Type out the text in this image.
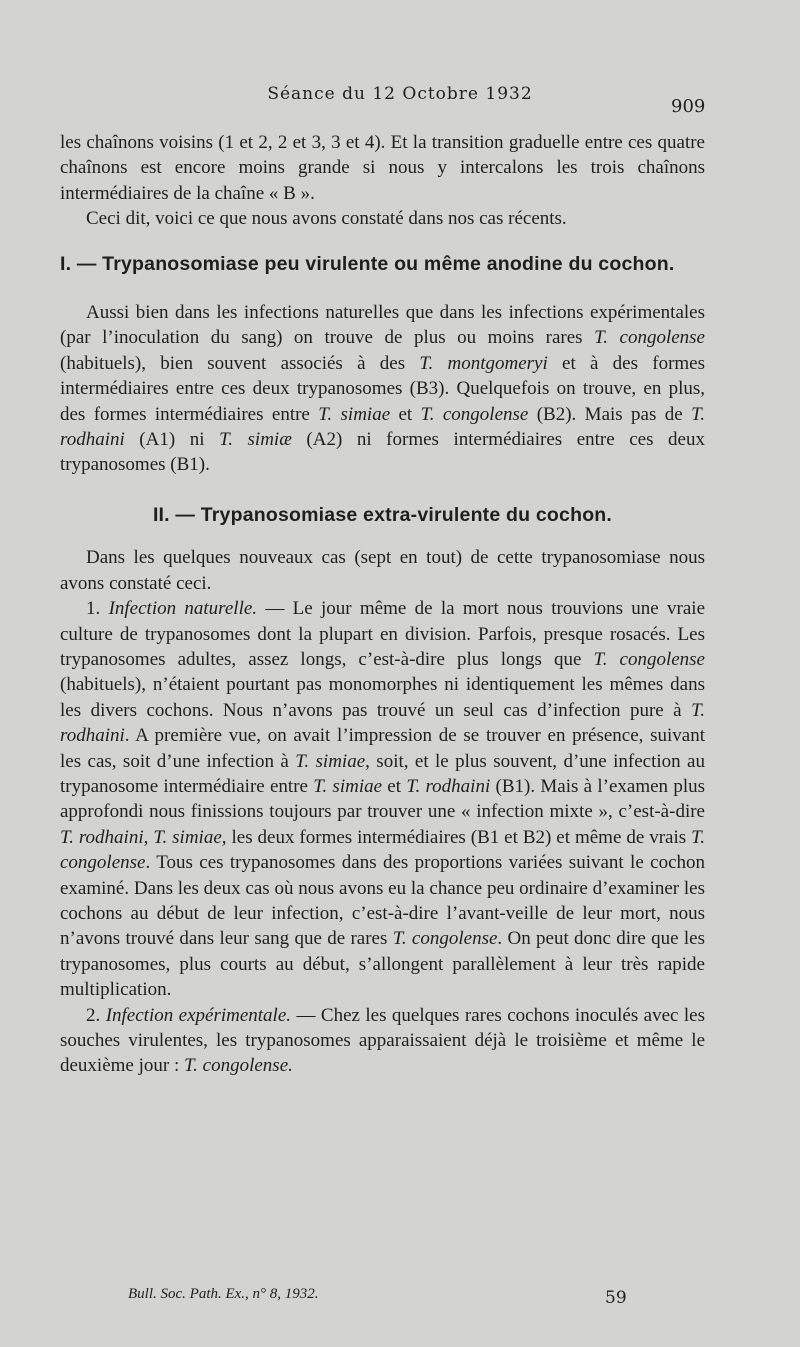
Séance du 12 Octobre 1932
909

les chaînons voisins (1 et 2, 2 et 3, 3 et 4). Et la transition graduelle entre ces quatre chaînons est encore moins grande si nous y intercalons les trois chaînons intermédiaires de la chaîne « B ».

Ceci dit, voici ce que nous avons constaté dans nos cas récents.

I. — Trypanosomiase peu virulente ou même anodine du cochon.

Aussi bien dans les infections naturelles que dans les infections expérimentales (par l’inoculation du sang) on trouve de plus ou moins rares T. congolense (habituels), bien souvent associés à des T. montgomeryi et à des formes intermédiaires entre ces deux trypanosomes (B3). Quelquefois on trouve, en plus, des formes intermédiaires entre T. simiae et T. congolense (B2). Mais pas de T. rodhaini (A1) ni T. simiæ (A2) ni formes intermédiaires entre ces deux trypanosomes (B1).

II. — Trypanosomiase extra-virulente du cochon.

Dans les quelques nouveaux cas (sept en tout) de cette trypanosomiase nous avons constaté ceci.

1. Infection naturelle. — Le jour même de la mort nous trouvions une vraie culture de trypanosomes dont la plupart en division. Parfois, presque rosacés. Les trypanosomes adultes, assez longs, c’est-à-dire plus longs que T. congolense (habituels), n’étaient pourtant pas monomorphes ni identiquement les mêmes dans les divers cochons. Nous n’avons pas trouvé un seul cas d’infection pure à T. rodhaini. A première vue, on avait l’impression de se trouver en présence, suivant les cas, soit d’une infection à T. simiae, soit, et le plus souvent, d’une infection au trypanosome intermédiaire entre T. simiae et T. rodhaini (B1). Mais à l’examen plus approfondi nous finissions toujours par trouver une « infection mixte », c’est-à-dire T. rodhaini, T. simiae, les deux formes intermédiaires (B1 et B2) et même de vrais T. congolense. Tous ces trypanosomes dans des proportions variées suivant le cochon examiné. Dans les deux cas où nous avons eu la chance peu ordinaire d’examiner les cochons au début de leur infection, c’est-à-dire l’avant-veille de leur mort, nous n’avons trouvé dans leur sang que de rares T. congolense. On peut donc dire que les trypanosomes, plus courts au début, s’allongent parallèlement à leur très rapide multiplication.

2. Infection expérimentale. — Chez les quelques rares cochons inoculés avec les souches virulentes, les trypanosomes apparaissaient déjà le troisième et même le deuxième jour : T. congolense.

Bull. Soc. Path. Ex., n° 8, 1932.	59
